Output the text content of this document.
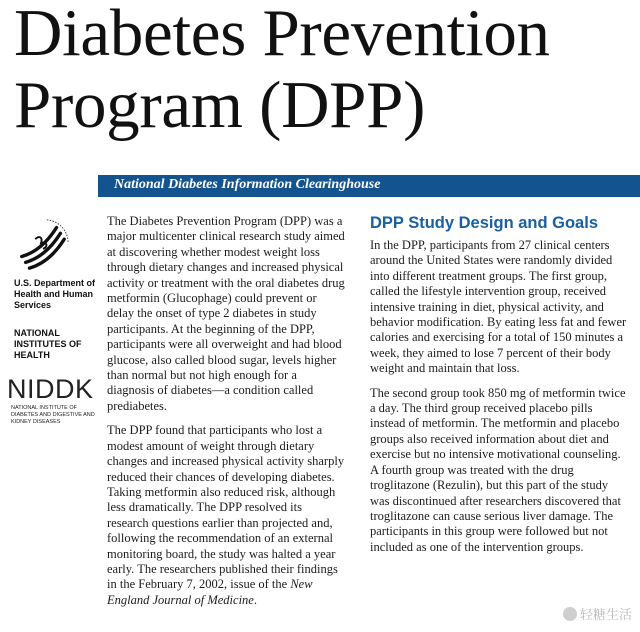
Diabetes Prevention
Program (DPP)
National Diabetes Information Clearinghouse

U.S. Department of Health and Human Services

NATIONAL INSTITUTES OF HEALTH

NIDDK

NATIONAL INSTITUTE OF DIABETES AND DIGESTIVE AND KIDNEY DISEASES

The Diabetes Prevention Program (DPP) was a major multicenter clinical research study aimed at discovering whether modest weight loss through dietary changes and increased physical activity or treatment with the oral diabetes drug metformin (Glucophage) could prevent or delay the onset of type 2 diabetes in study participants. At the beginning of the DPP, participants were all overweight and had blood glucose, also called blood sugar, levels higher than normal but not high enough for a diagnosis of diabetes—a condition called prediabetes.

The DPP found that participants who lost a modest amount of weight through dietary changes and increased physical activity sharply reduced their chances of developing diabetes. Taking metformin also reduced risk, although less dramatically. The DPP resolved its research questions earlier than projected and, following the recommendation of an external monitoring board, the study was halted a year early. The researchers published their findings in the February 7, 2002, issue of the New England Journal of Medicine.

DPP Study Design and Goals

In the DPP, participants from 27 clinical centers around the United States were randomly divided into different treatment groups. The first group, called the lifestyle intervention group, received intensive training in diet, physical activity, and behavior modification. By eating less fat and fewer calories and exercising for a total of 150 minutes a week, they aimed to lose 7 percent of their body weight and maintain that loss.

The second group took 850 mg of metformin twice a day. The third group received placebo pills instead of metformin. The metformin and placebo groups also received information about diet and exercise but no intensive motivational counseling. A fourth group was treated with the drug troglitazone (Rezulin), but this part of the study was discontinued after researchers discovered that troglitazone can cause serious liver damage. The participants in this group were followed but not included as one of the intervention groups.

轻糖生活
